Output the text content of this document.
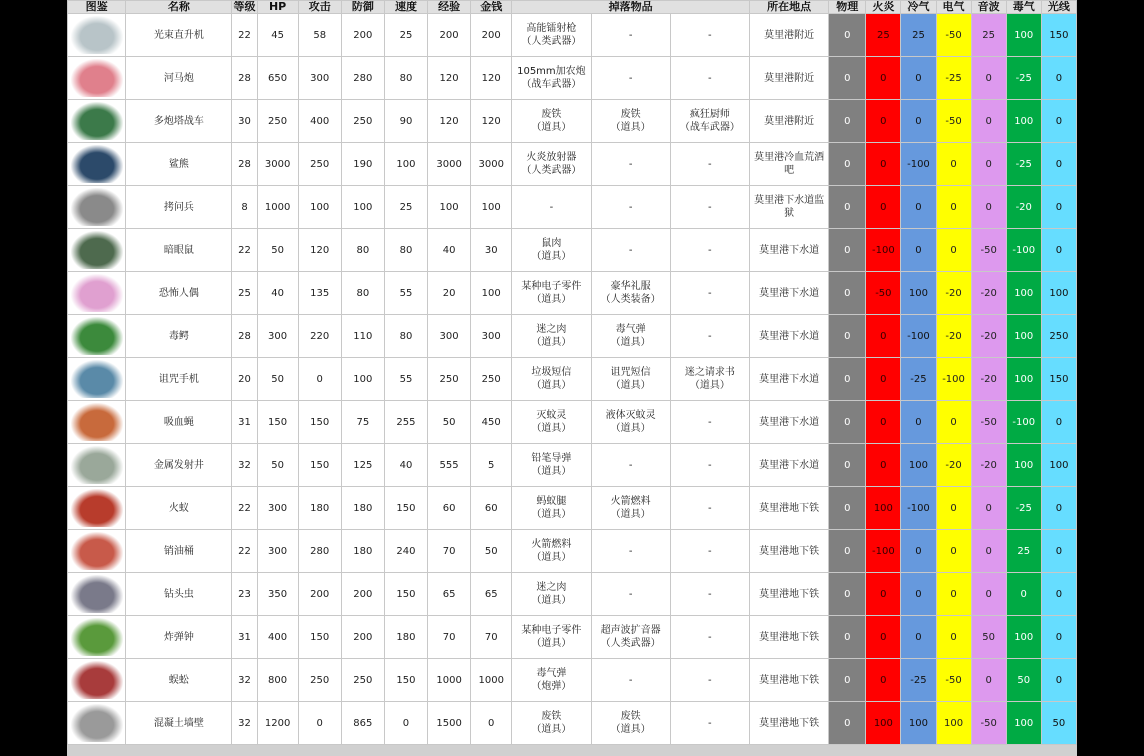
图鉴	名称	等级	HP	攻击	防御	速度	经验	金钱	掉落物品			所在地点	物理	火炎	冷气	电气	音波	毒气	光线

	光束直升机	22	45	58	200	25	200	200	高能镭射枪
（人类武器）	-	-	莫里港附近	0	25	25	-50	25	100	150

	河马炮	28	650	300	280	80	120	120	105mm加农炮
（战车武器）	-	-	莫里港附近	0	0	0	-25	0	-25	0

	多炮塔战车	30	250	400	250	90	120	120	废铁
（道具）	废铁
（道具）	疯狂厨师
（战车武器）	莫里港附近	0	0	0	-50	0	100	0

	鲨熊	28	3000	250	190	100	3000	3000	火炎放射器
（人类武器）	-	-	莫里港冷血荒酒吧	0	0	-100	0	0	-25	0

	拷问兵	8	1000	100	100	25	100	100	-	-	-	莫里港下水道监狱	0	0	0	0	0	-20	0

	暗眼鼠	22	50	120	80	80	40	30	鼠肉
（道具）	-	-	莫里港下水道	0	-100	0	0	-50	-100	0

	恐怖人偶	25	40	135	80	55	20	100	某种电子零件
（道具）	豪华礼服
（人类装备）	-	莫里港下水道	0	-50	100	-20	-20	100	100

	毒鳄	28	300	220	110	80	300	300	迷之肉
（道具）	毒气弹
（道具）	-	莫里港下水道	0	0	-100	-20	-20	100	250

	诅咒手机	20	50	0	100	55	250	250	垃圾短信
（道具）	诅咒短信
（道具）	迷之请求书
（道具）	莫里港下水道	0	0	-25	-100	-20	100	150

	吸血蝇	31	150	150	75	255	50	450	灭蚊灵
（道具）	液体灭蚊灵
（道具）	-	莫里港下水道	0	0	0	0	-50	-100	0

	金属发射井	32	50	150	125	40	555	5	铅笔导弹
（道具）	-	-	莫里港下水道	0	0	100	-20	-20	100	100

	火蚁	22	300	180	180	150	60	60	蚂蚁腿
（道具）	火箭燃料
（道具）	-	莫里港地下铁	0	100	-100	0	0	-25	0

	销油桶	22	300	280	180	240	70	50	火箭燃料
（道具）	-	-	莫里港地下铁	0	-100	0	0	0	25	0

	钻头虫	23	350	200	200	150	65	65	迷之肉
（道具）	-	-	莫里港地下铁	0	0	0	0	0	0	0

	炸弹钟	31	400	150	200	180	70	70	某种电子零件
（道具）	超声波扩音器
（人类武器）	-	莫里港地下铁	0	0	0	0	50	100	0

	蜈蚣	32	800	250	250	150	1000	1000	毒气弹
（炮弹）	-	-	莫里港地下铁	0	0	-25	-50	0	50	0

	混凝土墙壁	32	1200	0	865	0	1500	0	废铁
（道具）	废铁
（道具）	-	莫里港地下铁	0	100	100	100	-50	100	50
